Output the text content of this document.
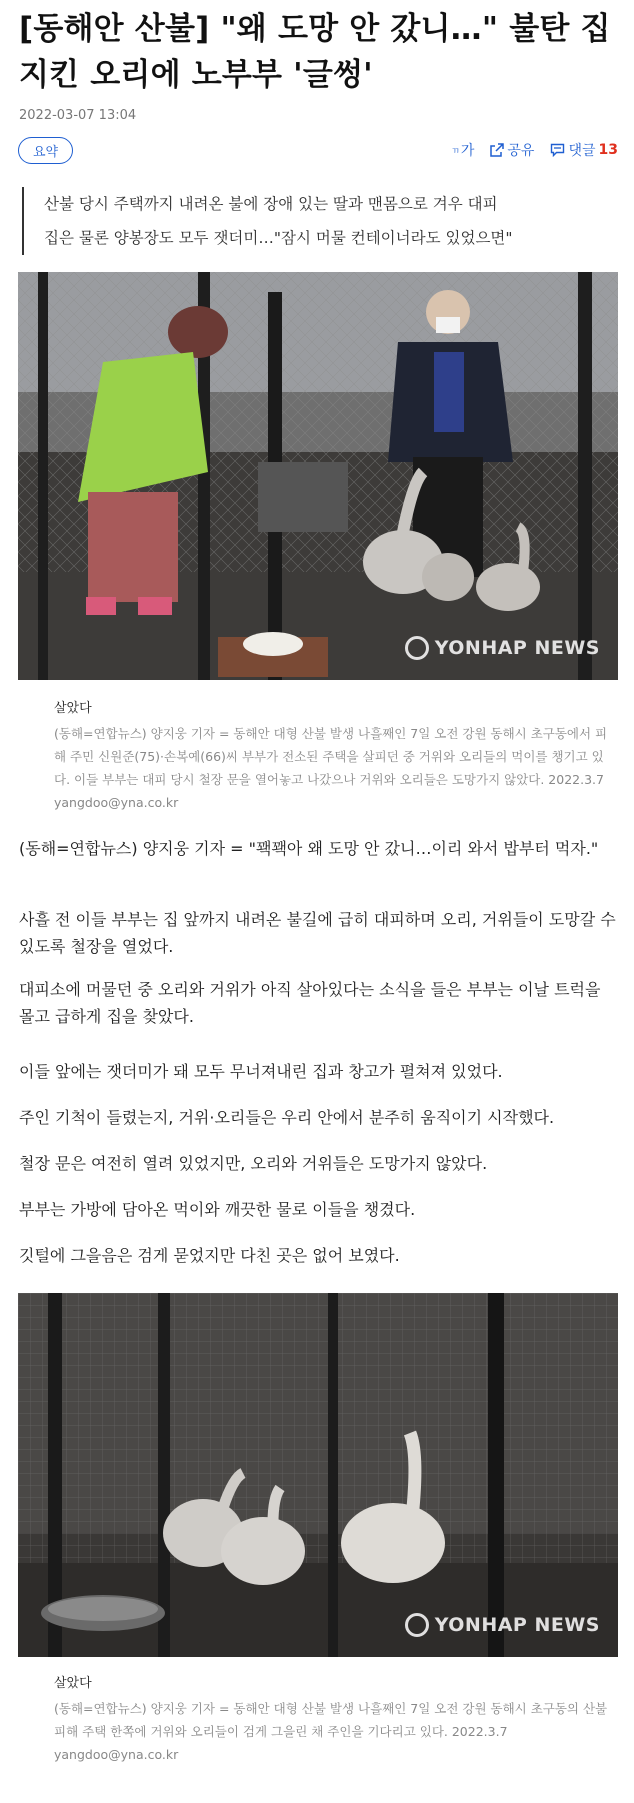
[동해안 산불] "왜 도망 안 갔니…" 불탄 집 지킨 오리에 노부부 '글썽'
2022-03-07 13:04
요약	ㄲ 가 공유 댓글 13
산불 당시 주택까지 내려온 불에 장애 있는 딸과 맨몸으로 겨우 대피
집은 물론 양봉장도 모두 잿더미…"잠시 머물 컨테이너라도 있었으면"
YONHAP NEWS
살았다
(동해=연합뉴스) 양지웅 기자 = 동해안 대형 산불 발생 나흘째인 7일 오전 강원 동해시 초구동에서 피해 주민 신원준(75)·손복예(66)씨 부부가 전소된 주택을 살피던 중 거위와 오리들의 먹이를 챙기고 있다. 이들 부부는 대피 당시 철장 문을 열어놓고 나갔으나 거위와 오리들은 도망가지 않았다. 2022.3.7 yangdoo@yna.co.kr
(동해=연합뉴스) 양지웅 기자 = "꽥꽥아 왜 도망 안 갔니…이리 와서 밥부터 먹자."
사흘 전 이들 부부는 집 앞까지 내려온 불길에 급히 대피하며 오리, 거위들이 도망갈 수 있도록 철장을 열었다.
대피소에 머물던 중 오리와 거위가 아직 살아있다는 소식을 들은 부부는 이날 트럭을 몰고 급하게 집을 찾았다.
이들 앞에는 잿더미가 돼 모두 무너져내린 집과 창고가 펼쳐져 있었다.
주인 기척이 들렸는지, 거위·오리들은 우리 안에서 분주히 움직이기 시작했다.
철장 문은 여전히 열려 있었지만, 오리와 거위들은 도망가지 않았다.
부부는 가방에 담아온 먹이와 깨끗한 물로 이들을 챙겼다.
깃털에 그을음은 검게 묻었지만 다친 곳은 없어 보였다.
YONHAP NEWS
살았다
(동해=연합뉴스) 양지웅 기자 = 동해안 대형 산불 발생 나흘째인 7일 오전 강원 동해시 초구동의 산불 피해 주택 한쪽에 거위와 오리들이 검게 그을린 채 주인을 기다리고 있다. 2022.3.7 yangdoo@yna.co.kr
